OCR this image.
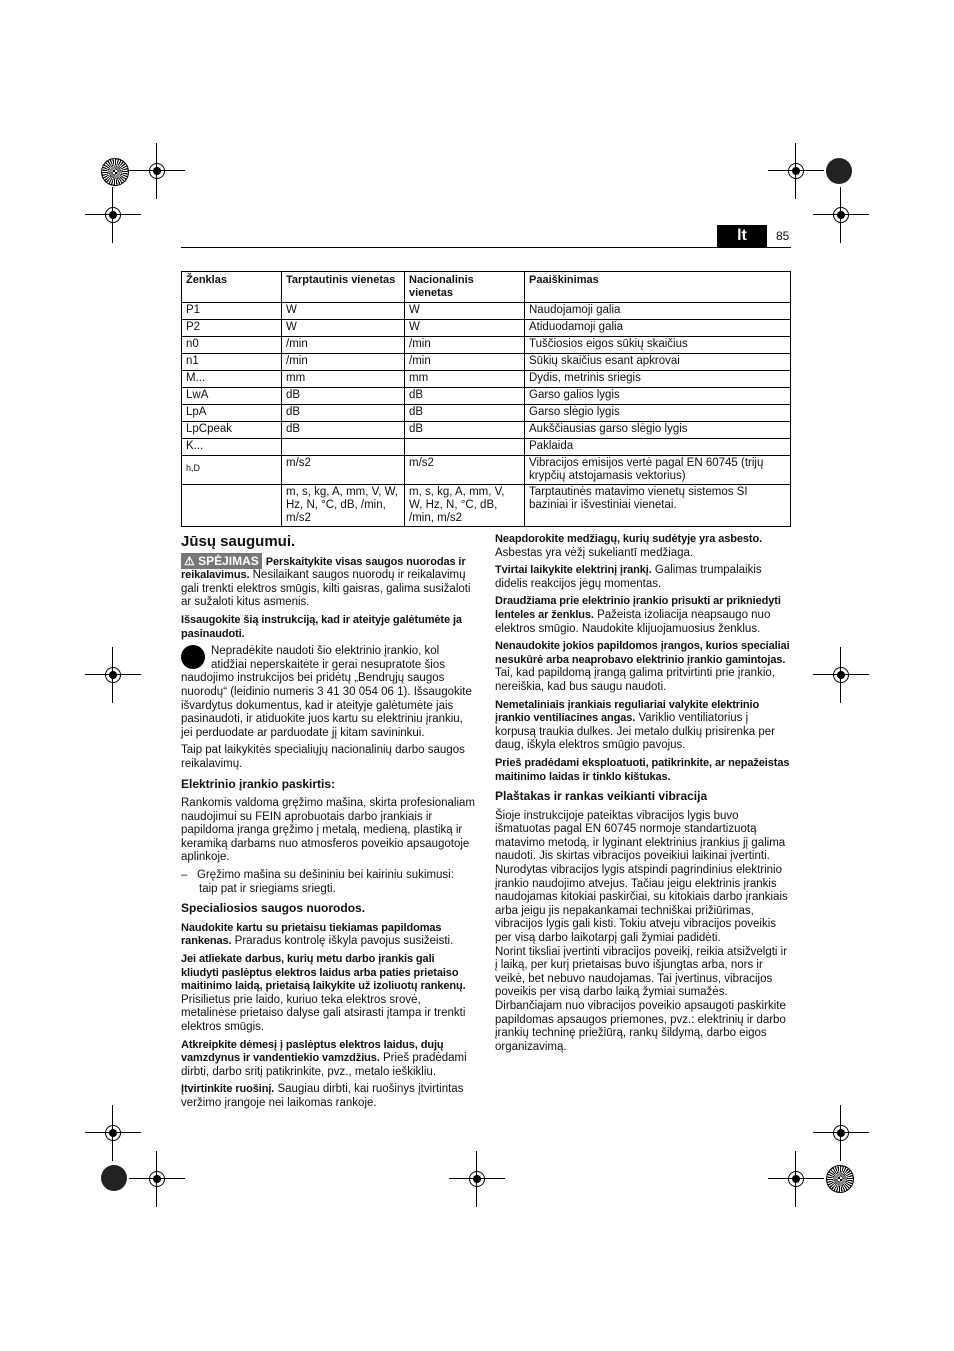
lt	85
Ženklas	Tarptautinis vienetas	Nacionalinis vienetas	Paaiškinimas
P1	W	W	Naudojamoji galia
P2	W	W	Atiduodamoji galia
n0	/min	/min	Tuščiosios eigos sūkių skaičius
n1	/min	/min	Sūkių skaičius esant apkrovai
M...	mm	mm	Dydis, metrinis sriegis
LwA	dB	dB	Garso galios lygis
LpA	dB	dB	Garso slėgio lygis
LpCpeak	dB	dB	Aukščiausias garso slėgio lygis
K...			Paklaida
h,D	m/s2	m/s2	Vibracijos emisijos vertė pagal EN 60745 (trijų krypčių atstojamasis vektorius)
	m, s, kg, A, mm, V, W, Hz, N, °C, dB, /min, m/s2	m, s, kg, A, mm, V, W, Hz, N, °C, dB, /min, m/s2	Tarptautinės matavimo vienetų sistemos SI baziniai ir išvestiniai vienetai.
Jūsų saugumui.

⚠ SPĖJIMAS Perskaitykite visas saugos nuorodas ir reikalavimus. Nesilaikant saugos nuorodų ir reikalavimų gali trenkti elektros smūgis, kilti gaisras, galima susižaloti ar sužaloti kitus asmenis.

Išsaugokite šią instrukciją, kad ir ateityje galėtumėte ja pasinaudoti.

Nepradėkite naudoti šio elektrinio įrankio, kol atidžiai neperskaitėte ir gerai nesupratote šios naudojimo instrukcijos bei pridėtų „Bendrųjų saugos nuorodų“ (leidinio numeris 3 41 30 054 06 1). Išsaugokite išvardytus dokumentus, kad ir ateityje galėtumėte jais pasinaudoti, ir atiduokite juos kartu su elektriniu įrankiu, jei perduodate ar parduodate jį kitam savininkui.

Taip pat laikykitės specialiųjų nacionalinių darbo saugos reikalavimų.

Elektrinio įrankio paskirtis:

Rankomis valdoma gręžimo mašina, skirta profesionaliam naudojimui su FEIN aprobuotais darbo įrankiais ir papildoma įranga gręžimo į metalą, medieną, plastiką ir keramiką darbams nuo atmosferos poveikio apsaugotoje aplinkoje.

–   Gręžimo mašina su dešininiu bei kairiniu sukimusi: taip pat ir sriegiams sriegti.

Specialiosios saugos nuorodos.

Naudokite kartu su prietaisu tiekiamas papildomas rankenas. Praradus kontrolę iškyla pavojus susižeisti.

Jei atliekate darbus, kurių metu darbo įrankis gali kliudyti paslėptus elektros laidus arba paties prietaiso maitinimo laidą, prietaisą laikykite už izoliuotų rankenų. Prisilietus prie laido, kuriuo teka elektros srovė, metalinėse prietaiso dalyse gali atsirasti įtampa ir trenkti elektros smūgis.

Atkreipkite dėmesį į paslėptus elektros laidus, dujų vamzdynus ir vandentiekio vamzdžius. Prieš pradėdami dirbti, darbo sritį patikrinkite, pvz., metalo ieškikliu.

Įtvirtinkite ruošinį. Saugiau dirbti, kai ruošinys įtvirtintas veržimo įrangoje nei laikomas rankoje.

Neapdorokite medžiagų, kurių sudėtyje yra asbesto. Asbestas yra vėžį sukeliantī medžiaga.

Tvirtai laikykite elektrinį įrankį. Galimas trumpalaikis didelis reakcijos jėgų momentas.

Draudžiama prie elektrinio įrankio prisukti ar prikniedyti lenteles ar ženklus. Pažeista izoliacija neapsaugo nuo elektros smūgio. Naudokite klijuojamuosius ženklus.

Nenaudokite jokios papildomos įrangos, kurios specialiai nesukūrė arba neaprobavo elektrinio įrankio gamintojas. Tai, kad papildomą įrangą galima pritvirtinti prie įrankio, nereiškia, kad bus saugu naudoti.

Nemetaliniais įrankiais reguliariai valykite elektrinio įrankio ventiliacines angas. Variklio ventiliatorius į korpusą traukia dulkes. Jei metalo dulkių prisirenka per daug, iškyla elektros smūgio pavojus.

Prieš pradėdami eksploatuoti, patikrinkite, ar nepažeistas maitinimo laidas ir tinklo kištukas.

Plaštakas ir rankas veikianti vibracija

Šioje instrukcijoje pateiktas vibracijos lygis buvo išmatuotas pagal EN 60745 normoje standartizuotą matavimo metodą, ir lyginant elektrinius įrankius jį galima naudoti. Jis skirtas vibracijos poveikiui laikinai įvertinti. Nurodytas vibracijos lygis atspindi pagrindinius elektrinio įrankio naudojimo atvejus. Tačiau jeigu elektrinis įrankis naudojamas kitokiai paskirčiai, su kitokiais darbo įrankiais arba jeigu jis nepakankamai techniškai prižiūrimas, vibracijos lygis gali kisti. Tokiu atveju vibracijos poveikis per visą darbo laikotarpį gali žymiai padidėti.

Norint tiksliai įvertinti vibracijos poveikį, reikia atsižvelgti ir į laiką, per kurį prietaisas buvo išjungtas arba, nors ir veikė, bet nebuvo naudojamas. Tai įvertinus, vibracijos poveikis per visą darbo laiką žymiai sumažės.

Dirbančiajam nuo vibracijos poveikio apsaugoti paskirkite papildomas apsaugos priemones, pvz.: elektrinių ir darbo įrankių techninę priežiūrą, rankų šildymą, darbo eigos organizavimą.
